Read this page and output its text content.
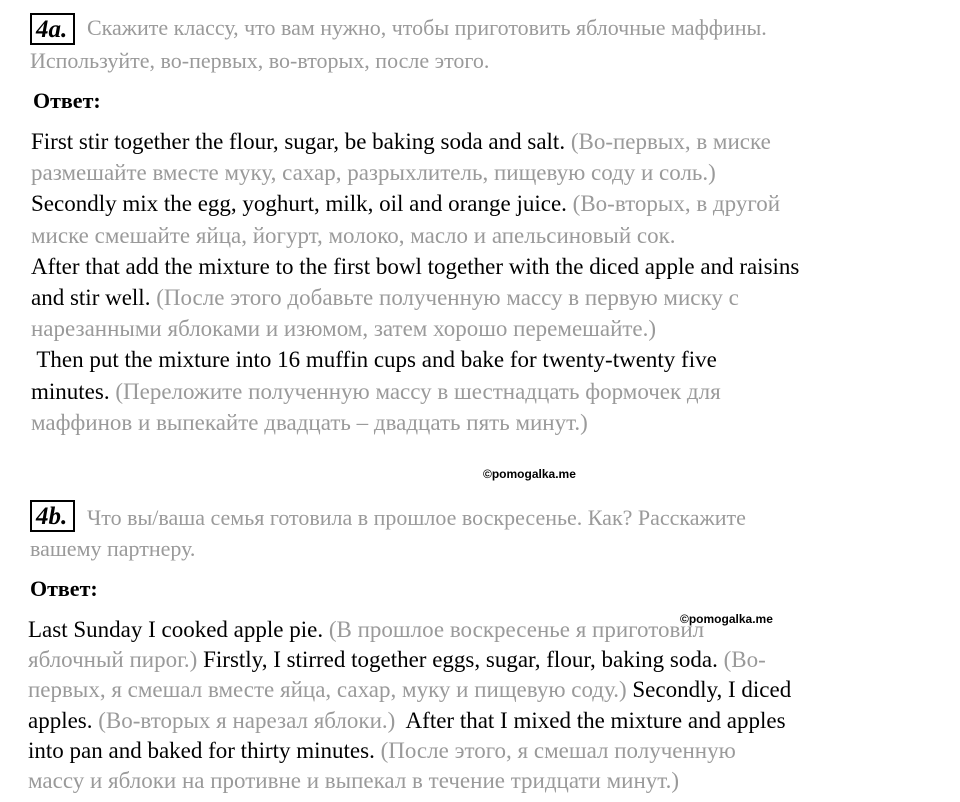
4a. Скажите классу, что вам нужно, чтобы приготовить яблочные маффины.
Используйте, во-первых, во-вторых, после этого.
Ответ:
First stir together the flour, sugar, be baking soda and salt. (Во-первых, в миске
размешайте вместе муку, сахар, разрыхлитель, пищевую соду и соль.)
Secondly mix the egg, yoghurt, milk, oil and orange juice. (Во-вторых, в другой
миске смешайте яйца, йогурт, молоко, масло и апельсиновый сок.
After that add the mixture to the first bowl together with the diced apple and raisins
and stir well. (После этого добавьте полученную массу в первую миску с
нарезанными яблоками и изюмом, затем хорошо перемешайте.)
Then put the mixture into 16 muffin cups and bake for twenty-twenty five
minutes. (Переложите полученную массу в шестнадцать формочек для
маффинов и выпекайте двадцать – двадцать пять минут.)
©pomogalka.me
4b. Что вы/ваша семья готовила в прошлое воскресенье. Как? Расскажите
вашему партнеру.
Ответ:
©pomogalka.me
Last Sunday I cooked apple pie. (В прошлое воскресенье я приготовил
яблочный пирог.) Firstly, I stirred together eggs, sugar, flour, baking soda. (Во-
первых, я смешал вместе яйца, сахар, муку и пищевую соду.) Secondly, I diced
apples. (Во-вторых я нарезал яблоки.)  After that I mixed the mixture and apples
into pan and baked for thirty minutes. (После этого, я смешал полученную
массу и яблоки на противне и выпекал в течение тридцати минут.)
